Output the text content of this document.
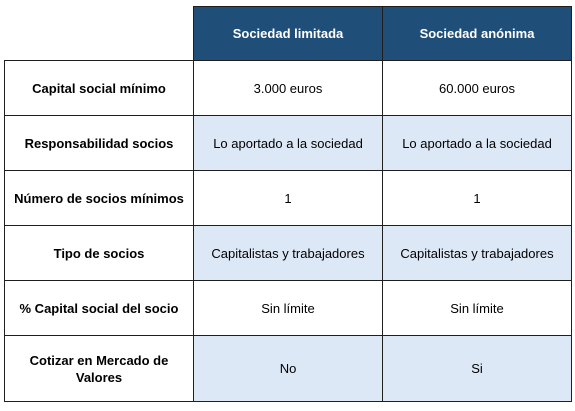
	Sociedad limitada	Sociedad anónima
Capital social mínimo	3.000 euros	60.000 euros
Responsabilidad socios	Lo aportado a la sociedad	Lo aportado a la sociedad
Número de socios mínimos	1	1
Tipo de socios	Capitalistas y trabajadores	Capitalistas y trabajadores
% Capital social del socio	Sin límite	Sin límite
Cotizar en Mercado de Valores	No	Si
